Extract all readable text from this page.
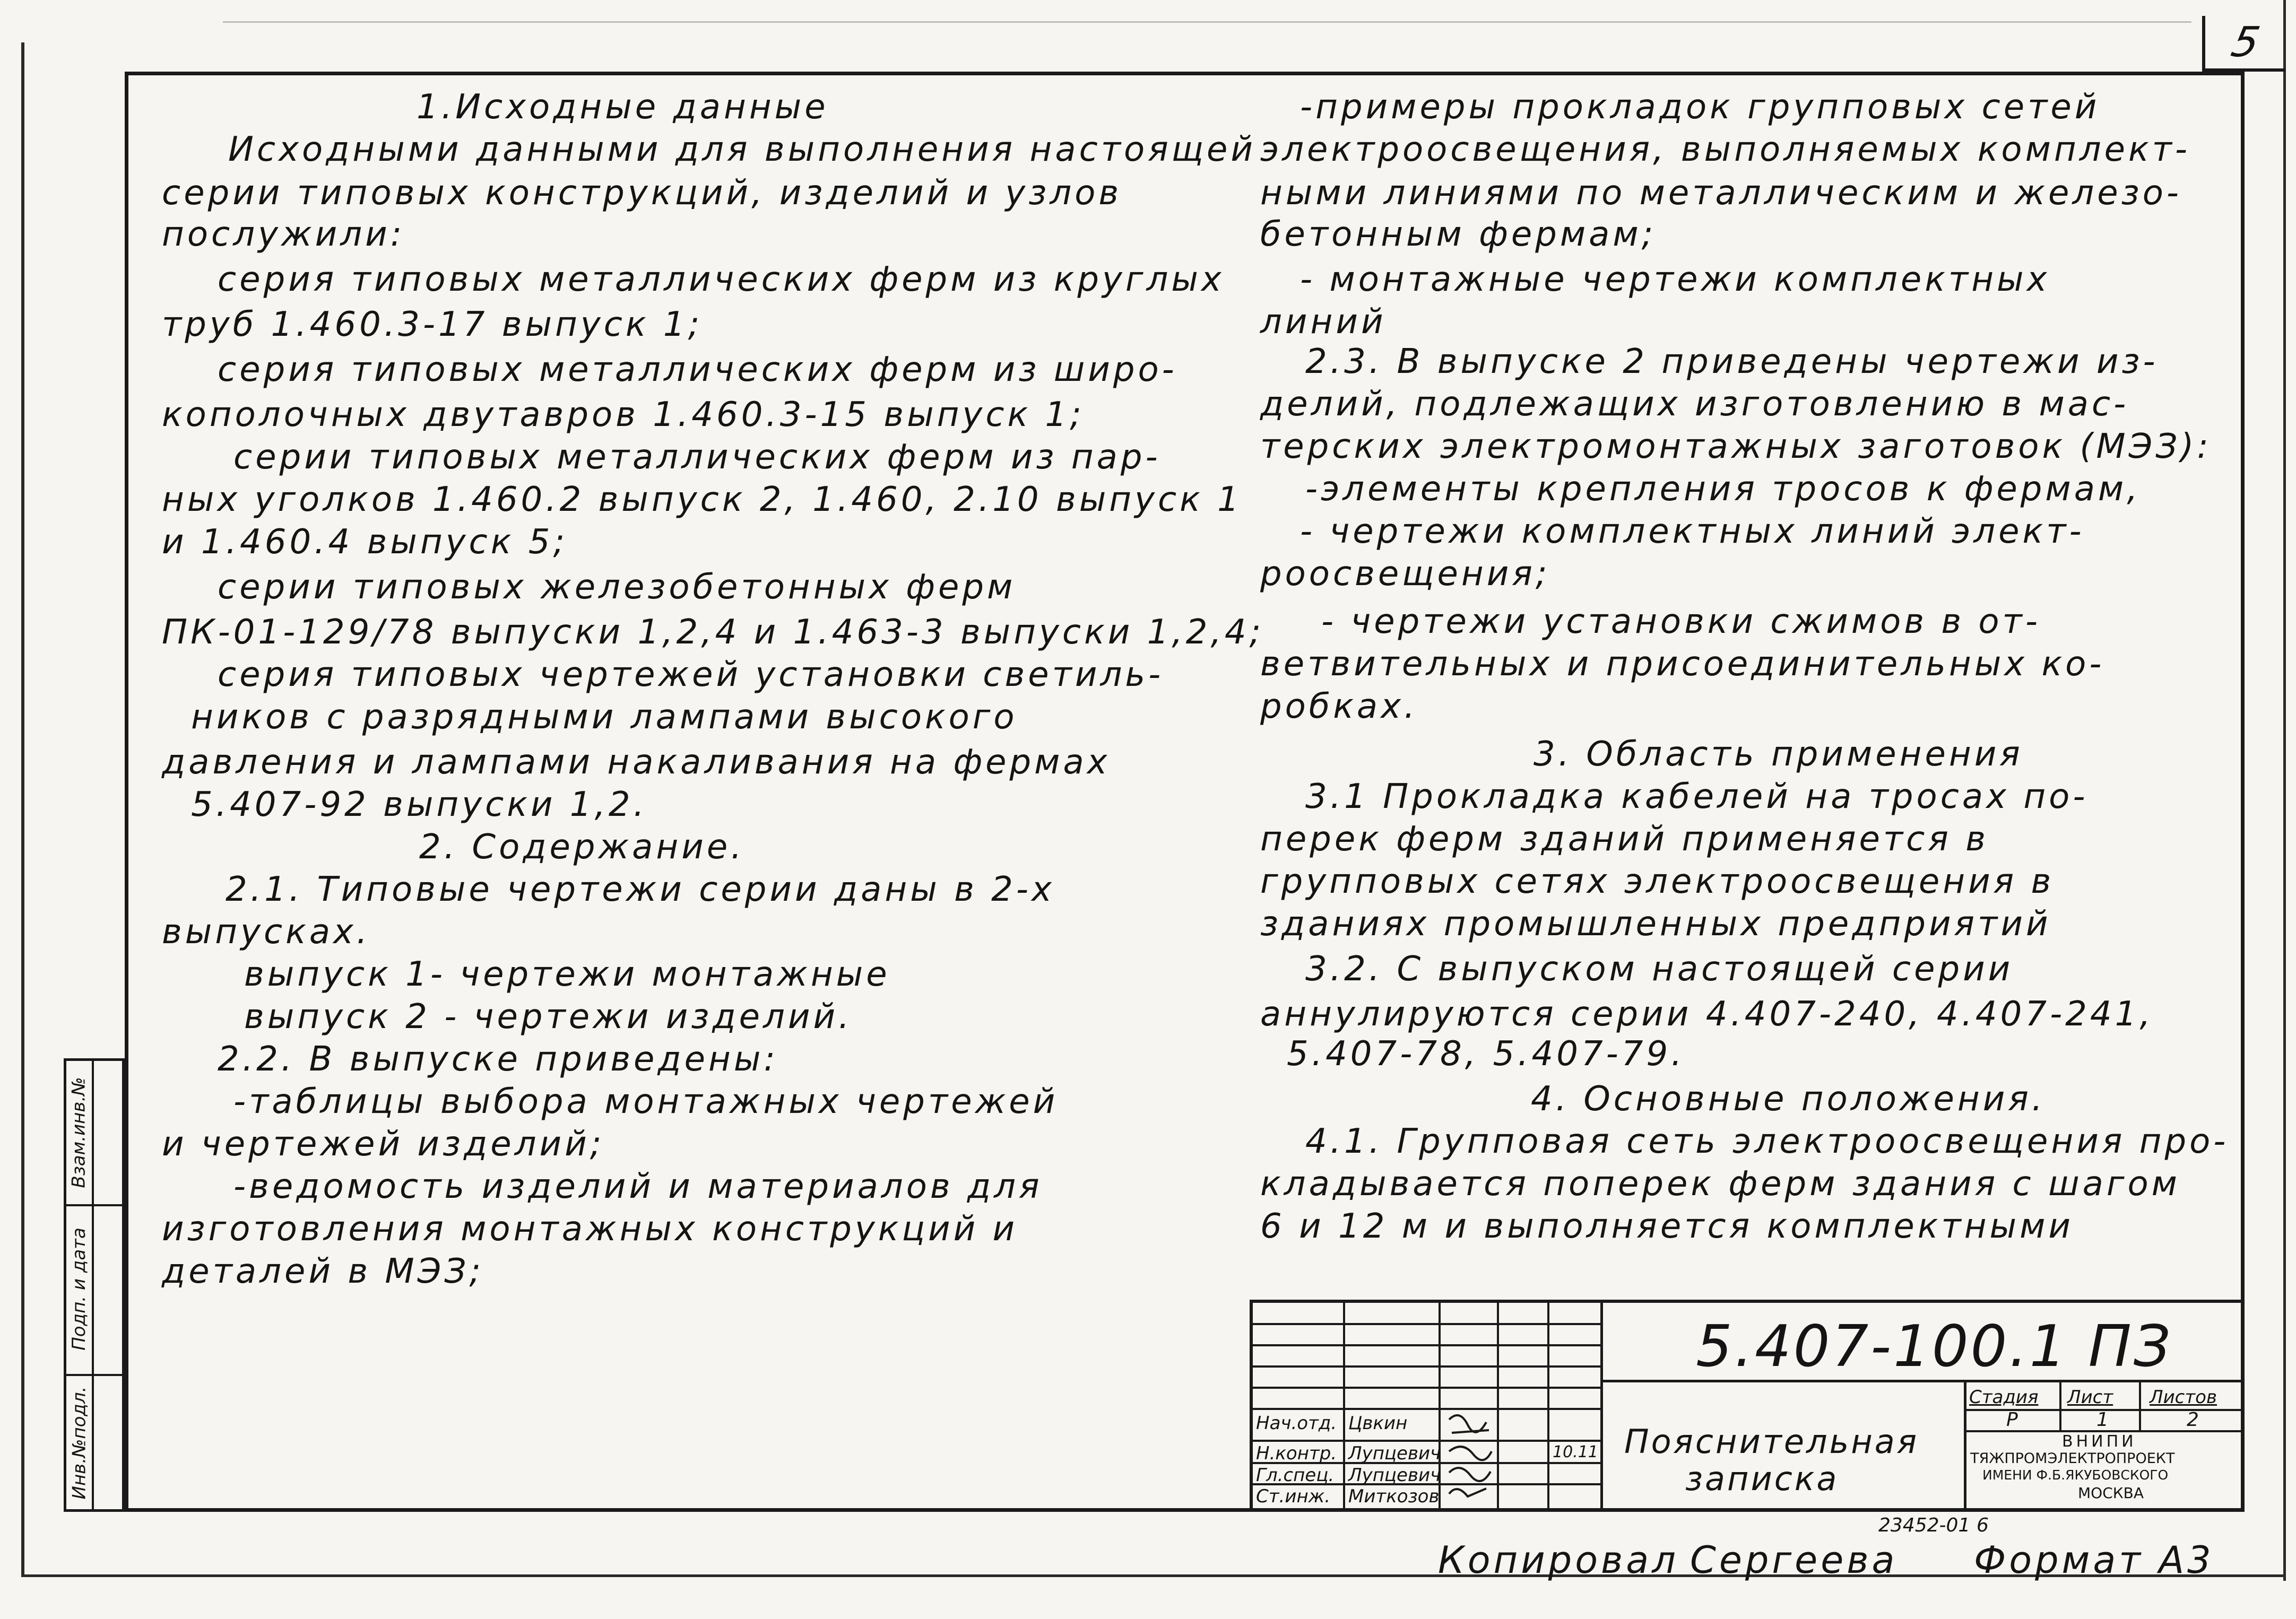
5
Инв.№подл.
Подп. и дата
Взам.инв.№
1.Исходные данные
Исходными данными для выполнения настоящей
серии типовых конструкций, изделий и узлов
послужили:
серия типовых металлических ферм из круглых
труб 1.460.3-17 выпуск 1;
серия типовых металлических ферм из широ-
кополочных двутавров 1.460.3-15 выпуск 1;
серии типовых металлических ферм из пар-
ных уголков 1.460.2 выпуск 2, 1.460, 2.10 выпуск 1
и 1.460.4 выпуск 5;
серии типовых железобетонных ферм
ПК-01-129/78 выпуски 1,2,4 и 1.463-3 выпуски 1,2,4;
серия типовых чертежей установки светиль-
ников с разрядными лампами высокого
давления и лампами накаливания на фермах
5.407-92 выпуски 1,2.
2. Содержание.
2.1. Типовые чертежи серии даны в 2-х
выпусках.
выпуск 1- чертежи монтажные
выпуск 2 - чертежи изделий.
2.2. В выпуске приведены:
-таблицы выбора монтажных чертежей
и чертежей изделий;
-ведомость изделий и материалов для
изготовления монтажных конструкций и
деталей в МЭЗ;
-примеры прокладок групповых сетей
электроосвещения, выполняемых комплект-
ными линиями по металлическим и железо-
бетонным фермам;
- монтажные чертежи комплектных
линий
2.3. В выпуске 2 приведены чертежи из-
делий, подлежащих изготовлению в мас-
терских электромонтажных заготовок (МЭЗ):
-элементы крепления тросов к фермам,
- чертежи комплектных линий элект-
роосвещения;
- чертежи установки сжимов в от-
ветвительных и присоединительных ко-
робках.
3. Область применения
3.1 Прокладка кабелей на тросах по-
перек ферм зданий применяется в
групповых сетях электроосвещения в
зданиях промышленных предприятий
3.2. С выпуском настоящей серии
аннулируются серии 4.407-240, 4.407-241,
5.407-78, 5.407-79.
4. Основные положения.
4.1. Групповая сеть электроосвещения про-
кладывается поперек ферм здания с шагом
6 и 12 м и выполняется комплектными
5.407-100.1 ПЗ
Пояснительная
записка
Стадия Лист Листов
Р	1	2
ВНИПИ
ТЯЖПРОМЭЛЕКТРОПРОЕКТ
ИМЕНИ Ф.Б.ЯКУБОВСКОГО
МОСКВА
Нач.отд.
Н.контр.
Гл.спец.
Ст.инж.
Цвкин
Лупцевич
Лупцевич
Миткозов
10.11
Копировал Сергеева
23452-01 6
Формат А3
